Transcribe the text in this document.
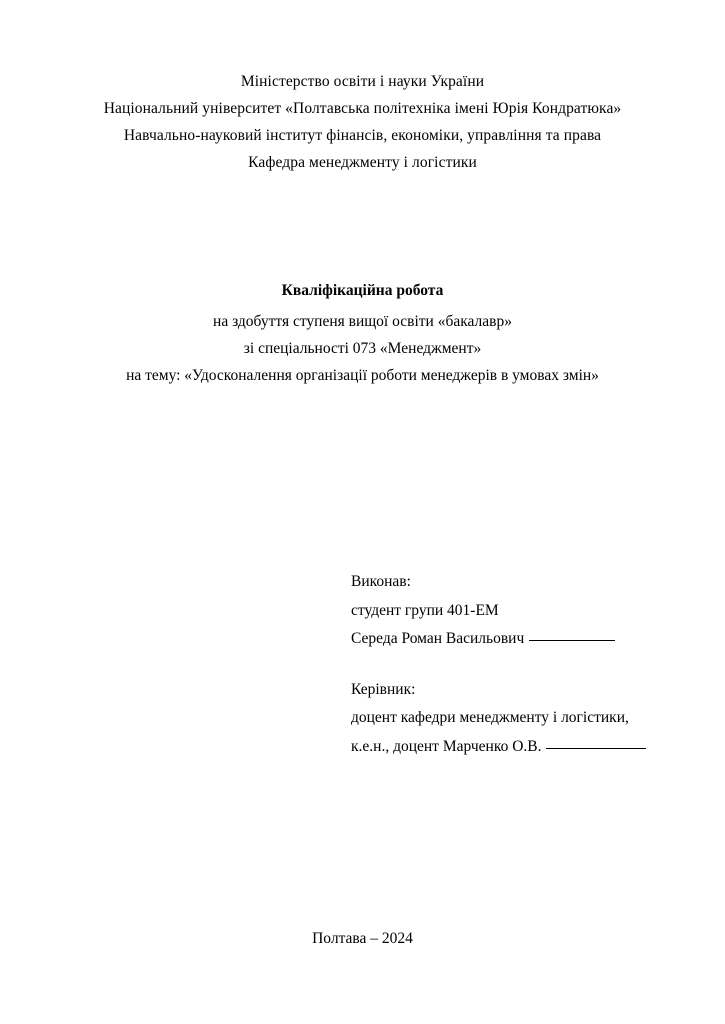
Міністерство освіти і науки України
Національний університет «Полтавська політехніка імені Юрія Кондратюка»
Навчально-науковий інститут фінансів, економіки, управління та права
Кафедра менеджменту і логістики
Кваліфікаційна робота
на здобуття ступеня вищої освіти «бакалавр»
зі спеціальності 073 «Менеджмент»
на тему: «Удосконалення організації роботи менеджерів в умовах змін»
Виконав:
студент групи 401-ЕМ
Середа Роман Васильович
Керівник:
доцент кафедри менеджменту і логістики,
к.е.н., доцент Марченко О.В.
Полтава – 2024
